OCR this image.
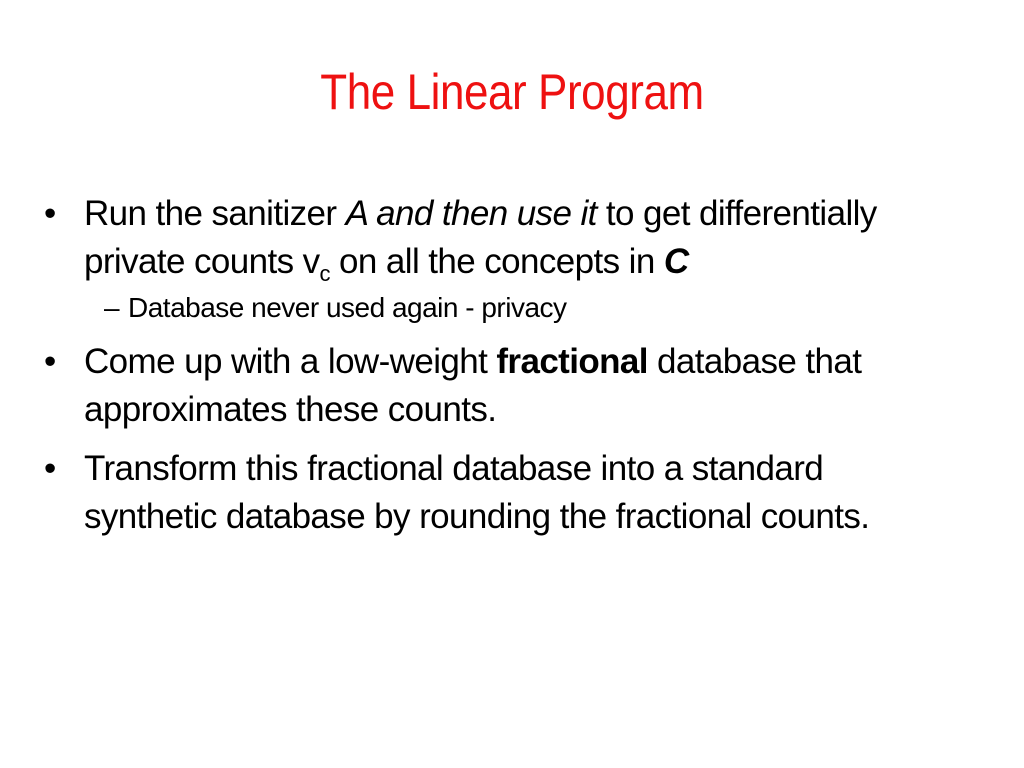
The Linear Program
• Run the sanitizer A and then use it to get differentially private counts $v_c$ on all the concepts in C
– Database never used again - privacy
• Come up with a low-weight fractional database that approximates these counts.
• Transform this fractional database into a standard synthetic database by rounding the fractional counts.
